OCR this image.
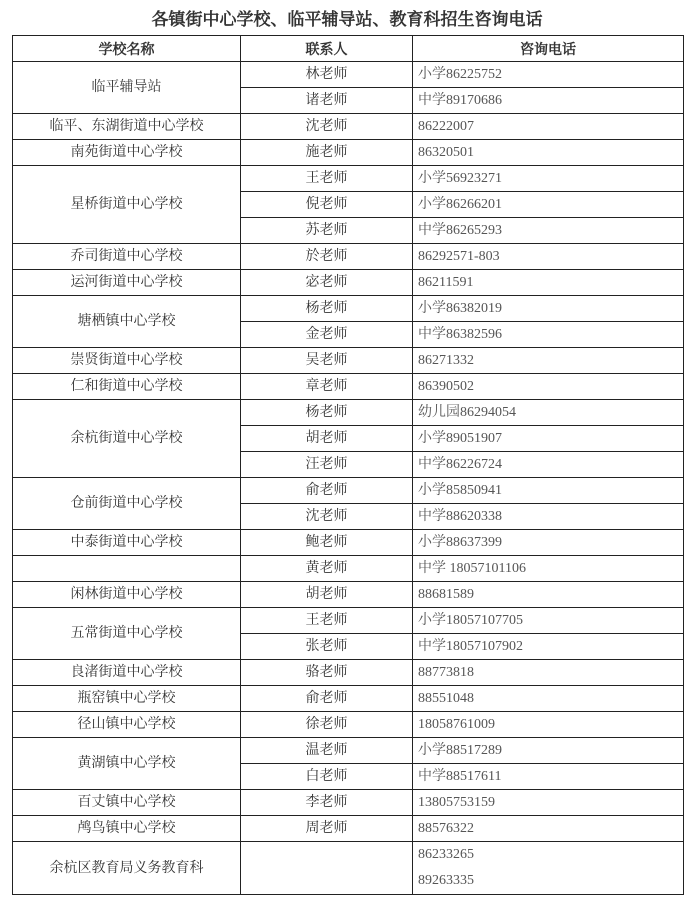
各镇街中心学校、临平辅导站、教育科招生咨询电话
学校名称	联系人	咨询电话
临平辅导站	林老师	小学86225752
	诸老师	中学89170686
临平、东湖街道中心学校	沈老师	86222007
南苑街道中心学校	施老师	86320501
星桥街道中心学校	王老师	小学56923271
	倪老师	小学86266201
	苏老师	中学86265293
乔司街道中心学校	於老师	86292571-803
运河街道中心学校	宓老师	86211591
塘栖镇中心学校	杨老师	小学86382019
	金老师	中学86382596
崇贤街道中心学校	吴老师	86271332
仁和街道中心学校	章老师	86390502
余杭街道中心学校	杨老师	幼儿园86294054
	胡老师	小学89051907
	汪老师	中学86226724
仓前街道中心学校	俞老师	小学85850941
	沈老师	中学88620338
中泰街道中心学校	鲍老师	小学88637399
	黄老师	中学 18057101106
闲林街道中心学校	胡老师	88681589
五常街道中心学校	王老师	小学18057107705
	张老师	中学18057107902
良渚街道中心学校	骆老师	88773818
瓶窑镇中心学校	俞老师	88551048
径山镇中心学校	徐老师	18058761009
黄湖镇中心学校	温老师	小学88517289
	白老师	中学88517611
百丈镇中心学校	李老师	13805753159
鸬鸟镇中心学校	周老师	88576322
余杭区教育局义务教育科		86233265
89263335
